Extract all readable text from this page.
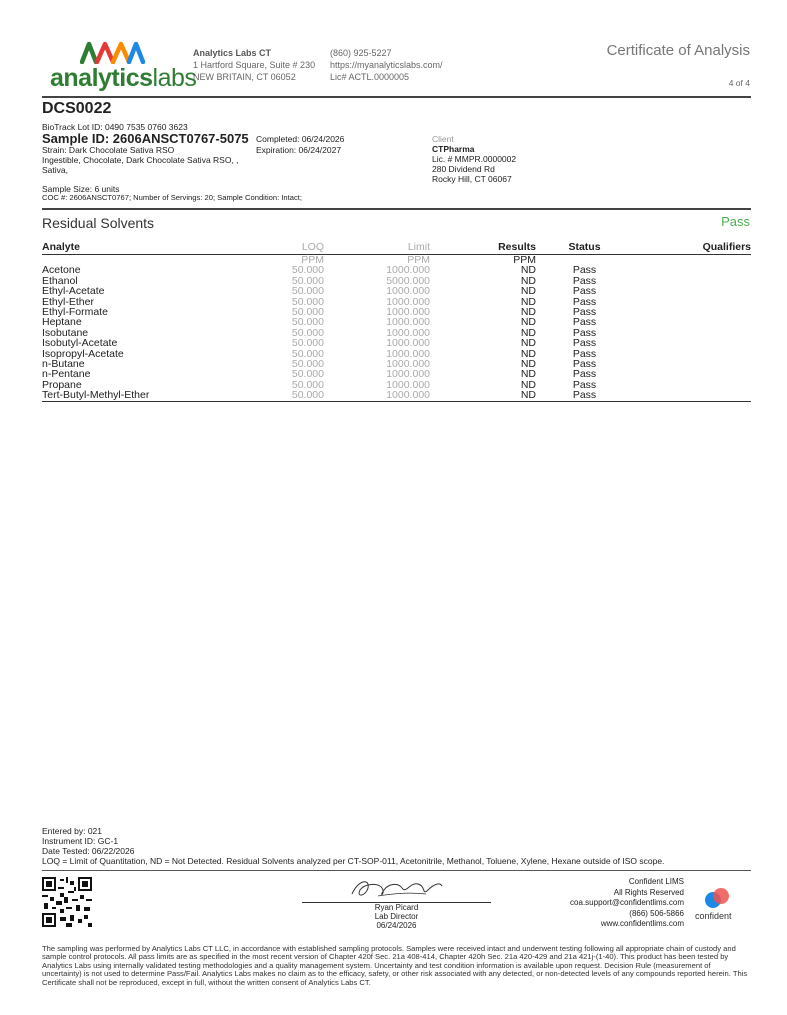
analyticslabs
Analytics Labs CT
1 Hartford Square, Suite # 230
NEW BRITAIN, CT 06052
(860) 925-5227
https://myanalyticslabs.com/
Lic# ACTL.0000005
Certificate of Analysis
4 of 4
DCS0022
BioTrack Lot ID: 0490 7535 0760 3623
Sample ID: 2606ANSCT0767-5075
Strain: Dark Chocolate Sativa RSO
Ingestible, Chocolate, Dark Chocolate Sativa RSO, ,
Sativa,
Completed: 06/24/2026
Expiration: 06/24/2027
Sample Size: 6 units
COC #: 2606ANSCT0767; Number of Servings: 20; Sample Condition: Intact;
Client
CTPharma
Lic. # MMPR.0000002
280 Dividend Rd
Rocky Hill, CT 06067
Residual Solvents	Pass
Analyte	LOQ	Limit	Results	Status	Qualifiers
	PPM	PPM	PPM		
Acetone	50.000	1000.000	ND	Pass	
Ethanol	50.000	5000.000	ND	Pass	
Ethyl-Acetate	50.000	1000.000	ND	Pass	
Ethyl-Ether	50.000	1000.000	ND	Pass	
Ethyl-Formate	50.000	1000.000	ND	Pass	
Heptane	50.000	1000.000	ND	Pass	
Isobutane	50.000	1000.000	ND	Pass	
Isobutyl-Acetate	50.000	1000.000	ND	Pass	
Isopropyl-Acetate	50.000	1000.000	ND	Pass	
n-Butane	50.000	1000.000	ND	Pass	
n-Pentane	50.000	1000.000	ND	Pass	
Propane	50.000	1000.000	ND	Pass	
Tert-Butyl-Methyl-Ether	50.000	1000.000	ND	Pass	
Entered by: 021
Instrument ID: GC-1
Date Tested: 06/22/2026
LOQ = Limit of Quantitation, ND = Not Detected. Residual Solvents analyzed per CT-SOP-011, Acetonitrile, Methanol, Toluene, Xylene, Hexane outside of ISO scope.
Ryan Picard
Lab Director
06/24/2026
Confident LIMS
All Rights Reserved
coa.support@confidentlims.com
(866) 506-5866
www.confidentlims.com
confident
The sampling was performed by Analytics Labs CT LLC, in accordance with established sampling protocols. Samples were received intact and underwent testing following all appropriate chain of custody and sample control protocols. All pass limits are as specified in the most recent version of Chapter 420f Sec. 21a 408-414, Chapter 420h Sec. 21a 420-429 and 21a 421j-(1-40). This product has been tested by Analytics Labs using internally validated testing methodologies and a quality management system. Uncertainty and test condition information is available upon request. Decision Rule (measurement of uncertainty) is not used to determine Pass/Fail. Analytics Labs makes no claim as to the efficacy, safety, or other risk associated with any detected, or non-detected levels of any compounds reported herein. This Certificate shall not be reproduced, except in full, without the written consent of Analytics Labs CT.
